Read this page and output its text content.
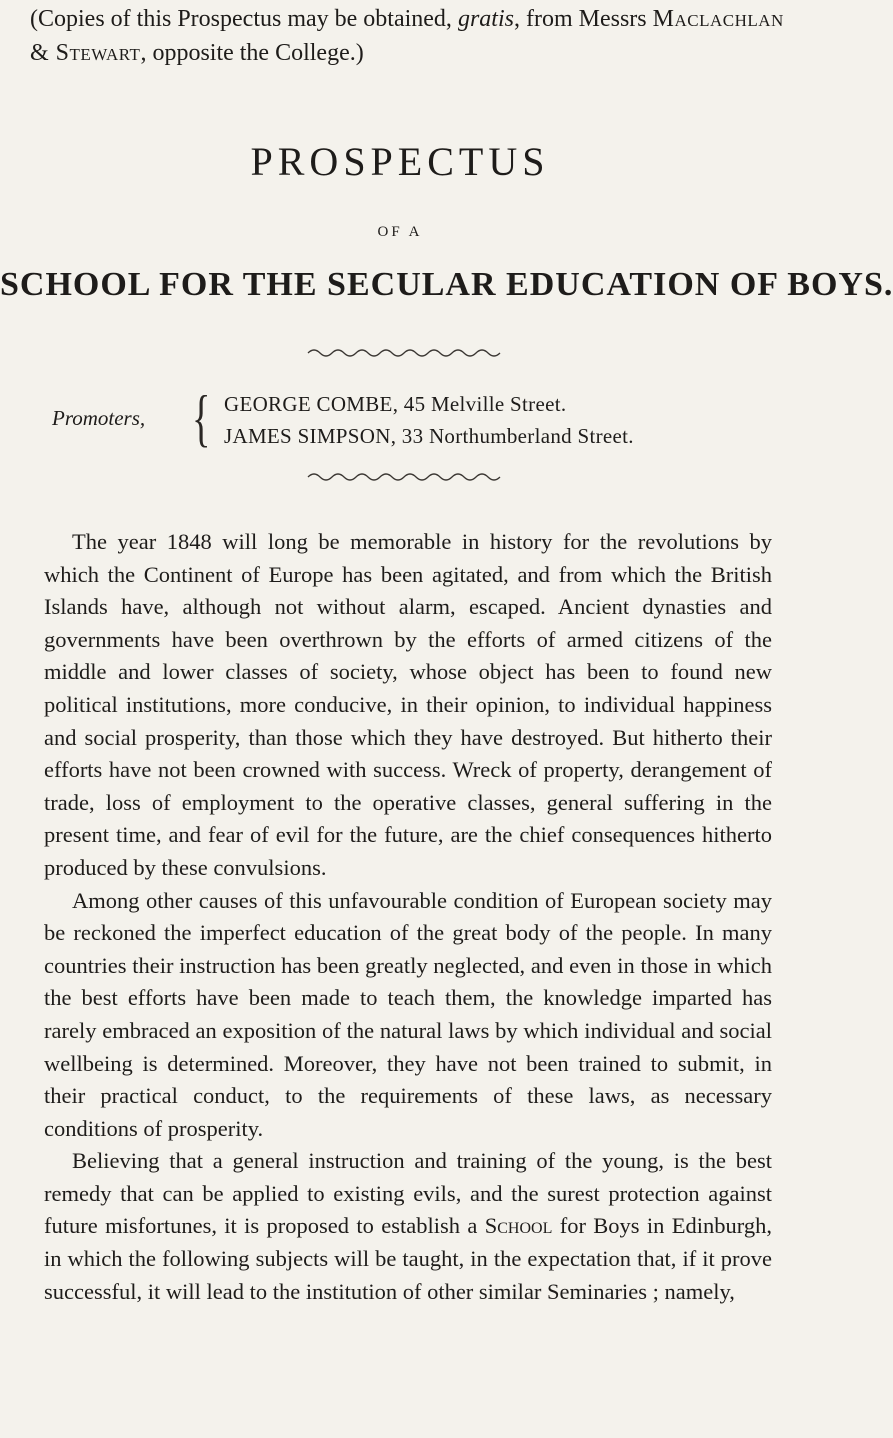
(Copies of this Prospectus may be obtained, gratis, from Messrs Maclachlan
& Stewart, opposite the College.)
PROSPECTUS
OF A
SCHOOL FOR THE SECULAR EDUCATION OF BOYS.
Promoters, { GEORGE COMBE, 45 Melville Street.
JAMES SIMPSON, 33 Northumberland Street.

The year 1848 will long be memorable in history for the revolutions by which the Continent of Europe has been agitated, and from which the British Islands have, although not without alarm, escaped. Ancient dynasties and governments have been overthrown by the efforts of armed citizens of the middle and lower classes of society, whose object has been to found new political institutions, more conducive, in their opinion, to individual happiness and social prosperity, than those which they have destroyed. But hitherto their efforts have not been crowned with success. Wreck of property, derangement of trade, loss of employment to the operative classes, general suffering in the present time, and fear of evil for the future, are the chief consequences hitherto produced by these convulsions.

Among other causes of this unfavourable condition of European society may be reckoned the imperfect education of the great body of the people. In many countries their instruction has been greatly neglected, and even in those in which the best efforts have been made to teach them, the knowledge imparted has rarely embraced an exposition of the natural laws by which individual and social wellbeing is determined. Moreover, they have not been trained to submit, in their practical conduct, to the requirements of these laws, as necessary conditions of prosperity.

Believing that a general instruction and training of the young, is the best remedy that can be applied to existing evils, and the surest protection against future misfortunes, it is proposed to establish a School for Boys in Edinburgh, in which the following subjects will be taught, in the expectation that, if it prove successful, it will lead to the institution of other similar Seminaries ; namely,
